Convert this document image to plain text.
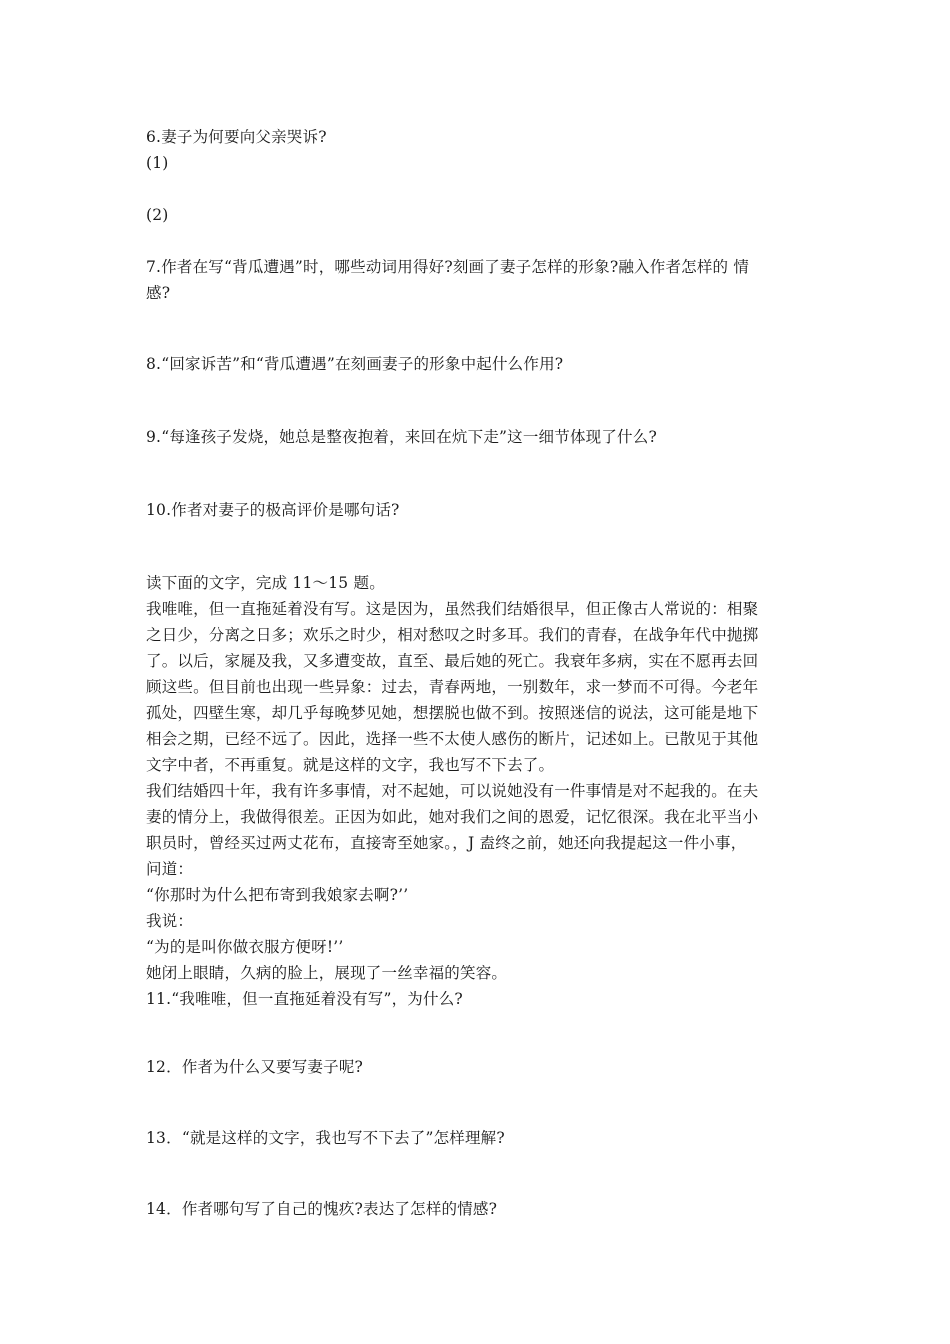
6.妻子为何要向父亲哭诉?
(1)
(2)
7.作者在写“背瓜遭遇”时，哪些动词用得好?刻画了妻子怎样的形象?融入作者怎样的 情
感?
8.“回家诉苦”和“背瓜遭遇”在刻画妻子的形象中起什么作用?
9.“每逢孩子发烧，她总是整夜抱着，来回在炕下走”这一细节体现了什么?
10.作者对妻子的极高评价是哪句话?
读下面的文字，完成 11～15 题。
我唯唯，但一直拖延着没有写。这是因为，虽然我们结婚很早，但正像古人常说的：相聚
之日少，分离之日多；欢乐之时少，相对愁叹之时多耳。我们的青春，在战争年代中抛掷
了。以后，家屣及我，又多遭变故，直至、最后她的死亡。我衰年多病，实在不愿再去回
顾这些。但目前也出现一些异象：过去，青春两地，一别数年，求一梦而不可得。今老年
孤处，四壁生寒，却几乎每晚梦见她，想摆脱也做不到。按照迷信的说法，这可能是地下
相会之期，已经不远了。因此，选择一些不太使人感伤的断片，记述如上。已散见于其他
文字中者，不再重复。就是这样的文字，我也写不下去了。
我们结婚四十年，我有许多事情，对不起她，可以说她没有一件事情是对不起我的。在夫
妻的情分上，我做得很差。正因为如此，她对我们之间的恩爱，记忆很深。我在北平当小
职员时，曾经买过两丈花布，直接寄至她家。，J 盍终之前，她还向我提起这一件小事，
问道：
“你那时为什么把布寄到我娘家去啊?’’
我说：
“为的是叫你做衣服方便呀!’’
她闭上眼睛，久病的脸上，展现了一丝幸福的笑容。
11.“我唯唯，但一直拖延着没有写”，为什么?
12．作者为什么又要写妻子呢?
13．“就是这样的文字，我也写不下去了”怎样理解?
14．作者哪句写了自己的愧疚?表达了怎样的情感?
